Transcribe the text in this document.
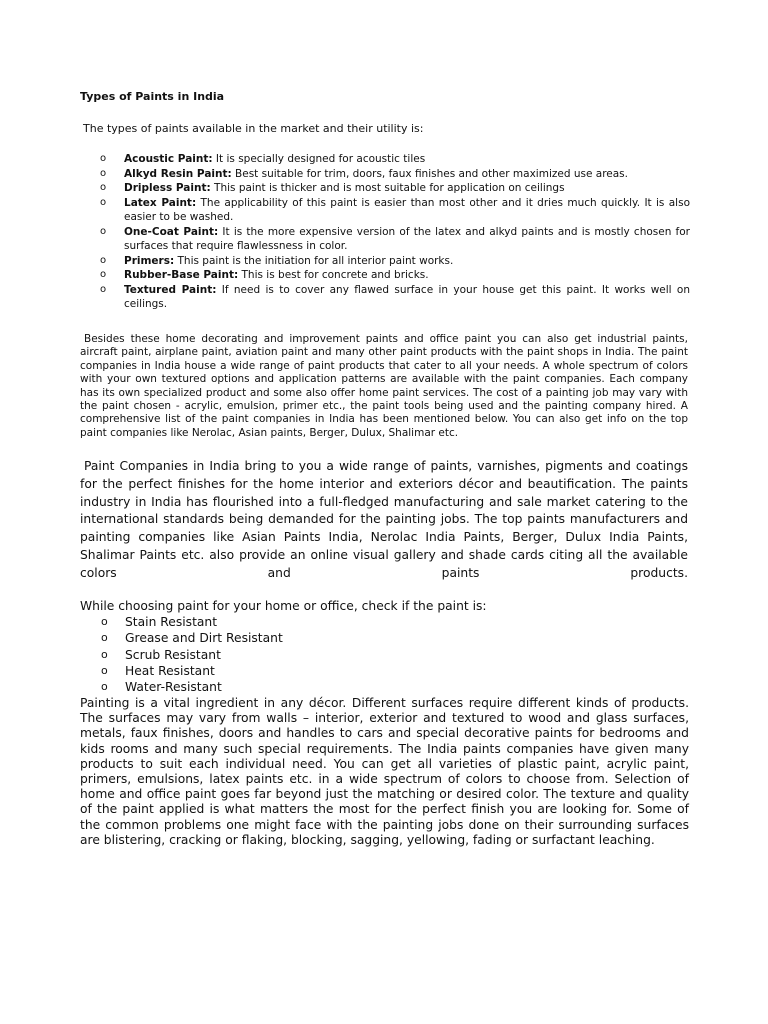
Types of Paints in India
The types of paints available in the market and their utility is:
o Acoustic Paint: It is specially designed for acoustic tiles
o Alkyd Resin Paint: Best suitable for trim, doors, faux finishes and other maximized use areas.
o Dripless Paint: This paint is thicker and is most suitable for application on ceilings
o Latex Paint: The applicability of this paint is easier than most other and it dries much quickly. It is also easier to be washed.
o One-Coat Paint: It is the more expensive version of the latex and alkyd paints and is mostly chosen for surfaces that require flawlessness in color.
o Primers: This paint is the initiation for all interior paint works.
o Rubber-Base Paint: This is best for concrete and bricks.
o Textured Paint: If need is to cover any flawed surface in your house get this paint. It works well on ceilings.

Besides these home decorating and improvement paints and office paint you can also get industrial paints, aircraft paint, airplane paint, aviation paint and many other paint products with the paint shops in India. The paint companies in India house a wide range of paint products that cater to all your needs. A whole spectrum of colors with your own textured options and application patterns are available with the paint companies. Each company has its own specialized product and some also offer home paint services. The cost of a painting job may vary with the paint chosen - acrylic, emulsion, primer etc., the paint tools being used and the painting company hired. A comprehensive list of the paint companies in India has been mentioned below. You can also get info on the top paint companies like Nerolac, Asian paints, Berger, Dulux, Shalimar etc.

Paint Companies in India bring to you a wide range of paints, varnishes, pigments and coatings for the perfect finishes for the home interior and exteriors décor and beautification. The paints industry in India has flourished into a full-fledged manufacturing and sale market catering to the international standards being demanded for the painting jobs. The top paints manufacturers and painting companies like Asian Paints India, Nerolac India Paints, Berger, Dulux India Paints, Shalimar Paints etc. also provide an online visual gallery and shade cards citing all the available colors and paints products.

While choosing paint for your home or office, check if the paint is:
o Stain Resistant
o Grease and Dirt Resistant
o Scrub Resistant
o Heat Resistant
o Water-Resistant

Painting is a vital ingredient in any décor. Different surfaces require different kinds of products. The surfaces may vary from walls – interior, exterior and textured to wood and glass surfaces, metals, faux finishes, doors and handles to cars and special decorative paints for bedrooms and kids rooms and many such special requirements. The India paints companies have given many products to suit each individual need. You can get all varieties of plastic paint, acrylic paint, primers, emulsions, latex paints etc. in a wide spectrum of colors to choose from. Selection of home and office paint goes far beyond just the matching or desired color. The texture and quality of the paint applied is what matters the most for the perfect finish you are looking for. Some of the common problems one might face with the painting jobs done on their surrounding surfaces are blistering, cracking or flaking, blocking, sagging, yellowing, fading or surfactant leaching.
